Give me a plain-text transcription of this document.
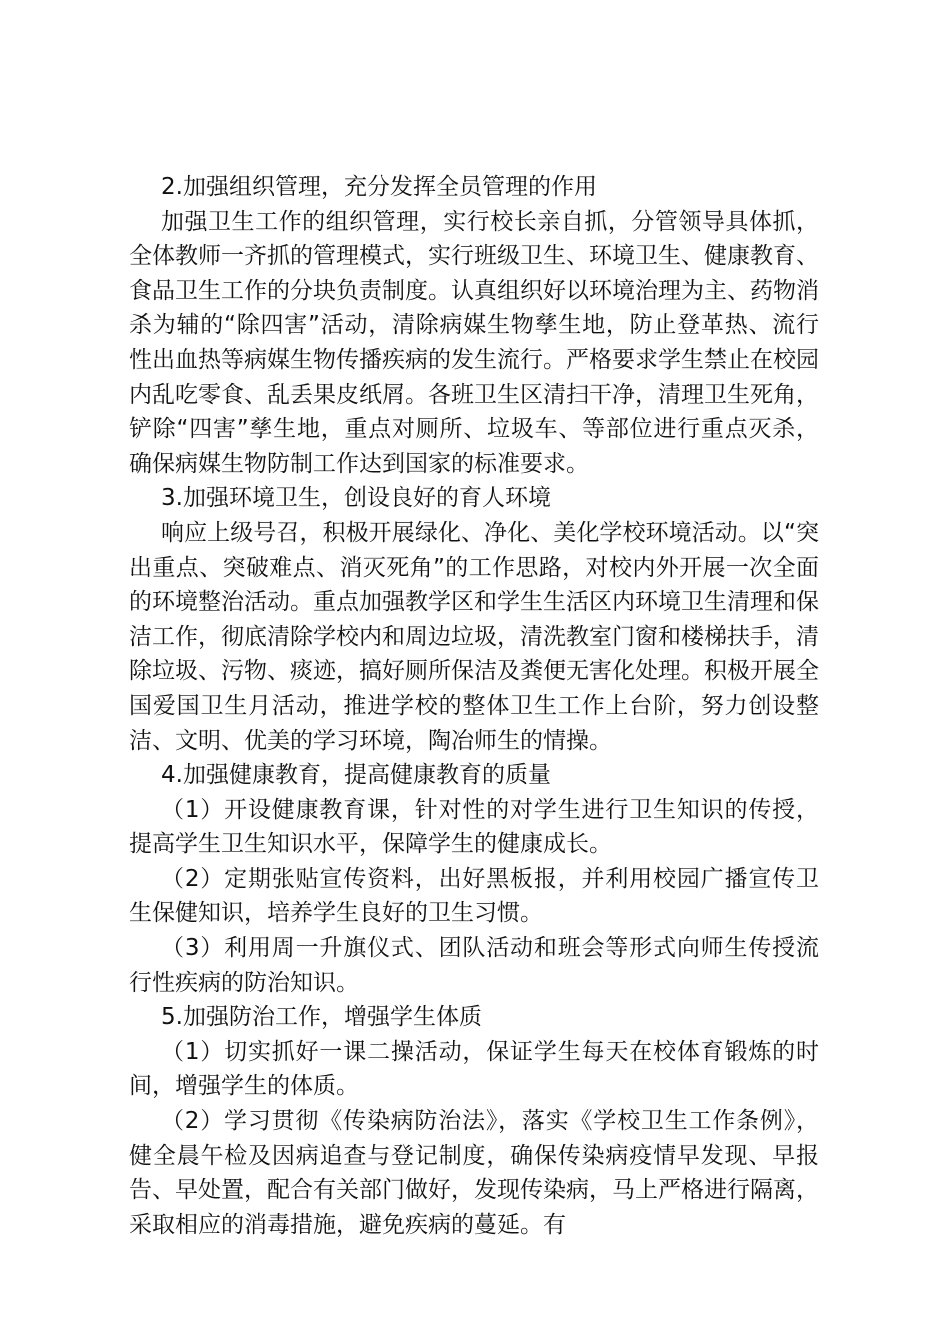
2.加强组织管理，充分发挥全员管理的作用

加强卫生工作的组织管理，实行校长亲自抓，分管领导具体抓，全体教师一齐抓的管理模式，实行班级卫生、环境卫生、健康教育、食品卫生工作的分块负责制度。认真组织好以环境治理为主、药物消杀为辅的“除四害”活动，清除病媒生物孳生地，防止登革热、流行性出血热等病媒生物传播疾病的发生流行。严格要求学生禁止在校园内乱吃零食、乱丢果皮纸屑。各班卫生区清扫干净，清理卫生死角，铲除“四害”孳生地，重点对厕所、垃圾车、等部位进行重点灭杀，确保病媒生物防制工作达到国家的标准要求。

3.加强环境卫生，创设良好的育人环境

响应上级号召，积极开展绿化、净化、美化学校环境活动。以“突出重点、突破难点、消灭死角”的工作思路，对校内外开展一次全面的环境整治活动。重点加强教学区和学生生活区内环境卫生清理和保洁工作，彻底清除学校内和周边垃圾，清洗教室门窗和楼梯扶手，清除垃圾、污物、痰迹，搞好厕所保洁及粪便无害化处理。积极开展全国爱国卫生月活动，推进学校的整体卫生工作上台阶，努力创设整洁、文明、优美的学习环境，陶冶师生的情操。

4.加强健康教育，提高健康教育的质量

（1）开设健康教育课，针对性的对学生进行卫生知识的传授，提高学生卫生知识水平，保障学生的健康成长。

（2）定期张贴宣传资料，出好黑板报，并利用校园广播宣传卫生保健知识，培养学生良好的卫生习惯。

（3）利用周一升旗仪式、团队活动和班会等形式向师生传授流行性疾病的防治知识。

5.加强防治工作，增强学生体质

（1）切实抓好一课二操活动，保证学生每天在校体育锻炼的时间，增强学生的体质。

（2）学习贯彻《传染病防治法》，落实《学校卫生工作条例》，健全晨午检及因病追查与登记制度，确保传染病疫情早发现、早报告、早处置，配合有关部门做好，发现传染病，马上严格进行隔离，采取相应的消毒措施，避免疾病的蔓延。有
